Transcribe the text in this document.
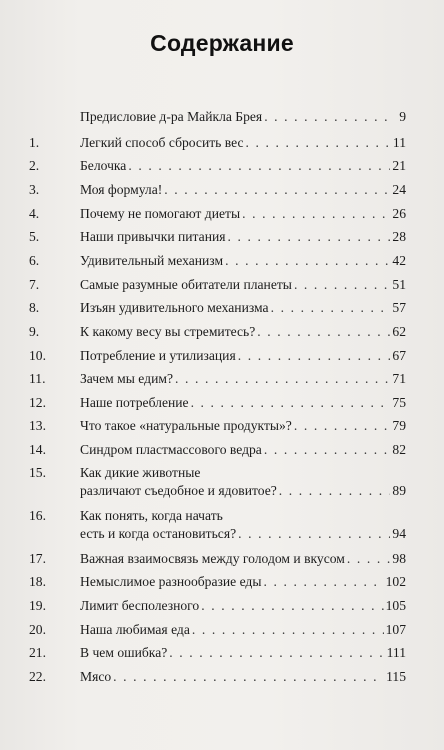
Содержание
Предисловие д-ра Майкла Брея . . .	9
1.	Легкий способ сбросить вес . . .	11
2.	Белочка . . .	21
3.	Моя формула! . . .	24
4.	Почему не помогают диеты . . .	26
5.	Наши привычки питания . . .	28
6.	Удивительный механизм . . .	42
7.	Самые разумные обитатели планеты . . .	51
8.	Изъян удивительного механизма . . .	57
9.	К какому весу вы стремитесь? . . .	62
10.	Потребление и утилизация . . .	67
11.	Зачем мы едим? . . .	71
12.	Наше потребление . . .	75
13.	Что такое «натуральные продукты»? . . .	79
14.	Синдром пластмассового ведра . . .	82
15.	Как дикие животные
различают съедобное и ядовитое? . . .	89
16.	Как понять, когда начать
есть и когда остановиться? . . .	94
17.	Важная взаимосвязь между голодом и вкусом . . .	98
18.	Немыслимое разнообразие еды . . .	102
19.	Лимит бесполезного . . .	105
20.	Наша любимая еда . . .	107
21.	В чем ошибка? . . .	111
22.	Мясо . . .	115
